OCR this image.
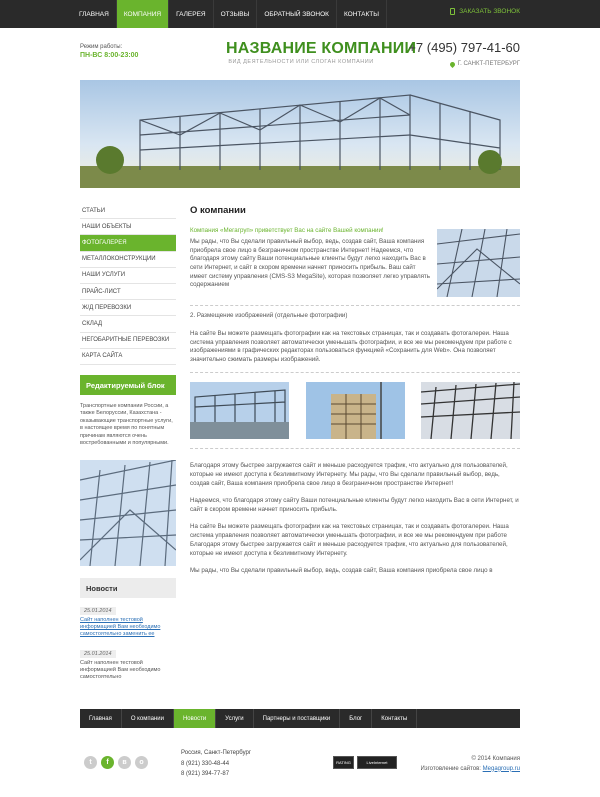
ГЛАВНАЯ	КОМПАНИЯ	ГАЛЕРЕЯ	ОТЗЫВЫ	ОБРАТНЫЙ ЗВОНОК	КОНТАКТЫ	ЗАКАЗАТЬ ЗВОНОК
Режим работы:
ПН-ВС 8:00-23:00	НАЗВАНИЕ КОМПАНИИ
ВИД ДЕЯТЕЛЬНОСТИ ИЛИ СЛОГАН КОМПАНИИ
+7 (495) 797-41-60
Г. САНКТ-ПЕТЕРБУРГ
СТАТЬИ
НАШИ ОБЪЕКТЫ
ФОТОГАЛЕРЕЯ
МЕТАЛЛОКОНСТРУКЦИИ
НАШИ УСЛУГИ
ПРАЙС-ЛИСТ
Ж/Д ПЕРЕВОЗКИ
СКЛАД
НЕГОБАРИТНЫЕ ПЕРЕВОЗКИ
КАРТА САЙТА
Редактируемый блок
Транспортные компании России, а также Белоруссии, Казахстана - оказывающие транспортные услуги, в настоящее время по понятным причинам являются очень востребованными и популярными.
Новости
25.01.2014
Сайт наполнен тестовой информацией Вам необходимо самостоятельно заменить ее
25.01.2014
Сайт наполнен тестовой информацией Вам необходимо самостоятельно
О компании
Компания «Мегагруп» приветствует Вас на сайте Вашей компании!
Мы рады, что Вы сделали правильный выбор, ведь, создав сайт, Ваша компания приобрела свое лицо в безграничном пространстве Интернет! Надеемся, что благодаря этому сайту Ваши потенциальные клиенты будут легко находить Вас в сети Интернет, и сайт в скором времени начнет приносить прибыль. Ваш сайт имеет систему управления (CMS-S3 MegaSite), которая позволяет легко управлять содержанием
2. Размещение изображений (отдельные фотографии)
На сайте Вы можете размещать фотографии как на текстовых страницах, так и создавать фотогалереи. Наша система управления позволяет автоматически уменьшать фотографии, и все же мы рекомендуем при работе с изображениями в графических редакторах пользоваться функцией «Сохранить для Web». Она позволяет значительно сжимать размеры изображений.
Благодаря этому быстрее загружается сайт и меньше расходуется трафик, что актуально для пользователей, которые не имеют доступа к безлимитному Интернету. Мы рады, что Вы сделали правильный выбор, ведь, создав сайт, Ваша компания приобрела свое лицо в безграничном пространстве Интернет!
Надеемся, что благодаря этому сайту Ваши потенциальные клиенты будут легко находить Вас в сети Интернет, и сайт в скором времени начнет приносить прибыль.
На сайте Вы можете размещать фотографии как на текстовых страницах, так и создавать фотогалереи. Наша система управления позволяет автоматически уменьшать фотографии, и все же мы рекомендуем при работе Благодаря этому быстрее загружается сайт и меньше расходуется трафик, что актуально для пользователей, которые не имеют доступа к безлимитному Интернету.
Мы рады, что Вы сделали правильный выбор, ведь, создав сайт, Ваша компания приобрела свое лицо в
Главная	О компании	Новости	Услуги	Партнеры и поставщики	Блог	Контакты
t	f	в	о
Россия, Санкт-Петербург
8 (921) 330-48-44
8 (921) 394-77-87
RATING	LiveInternet
© 2014 Компания
Изготовление сайтов: Megagroup.ru
